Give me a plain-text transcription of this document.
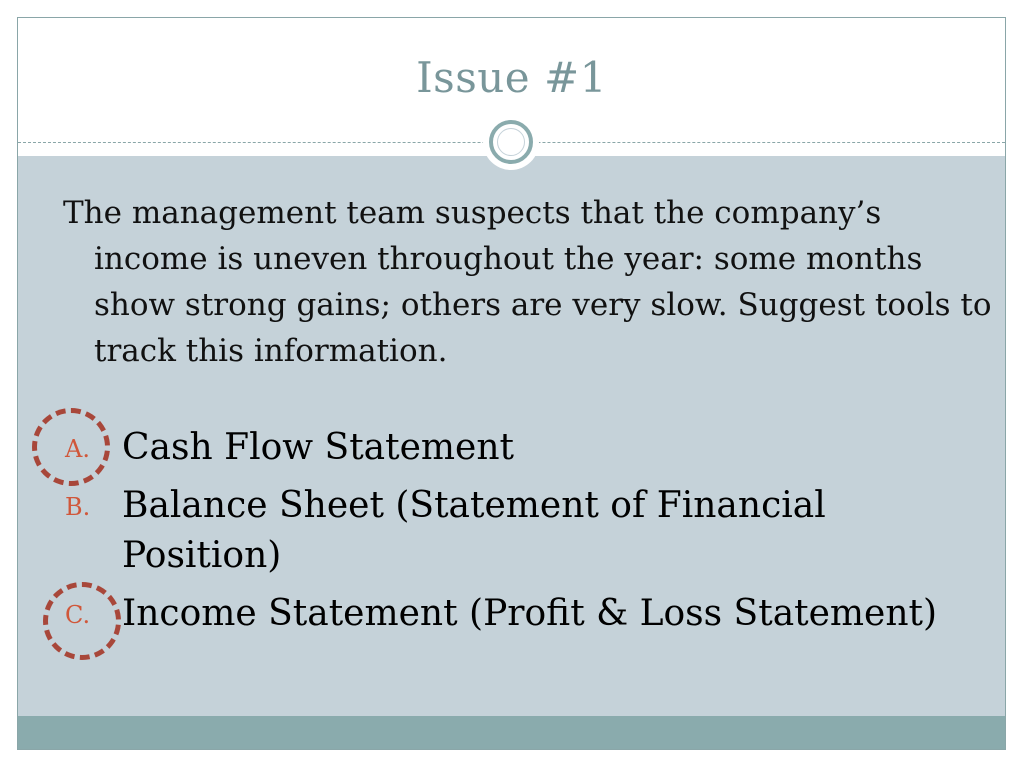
Issue #1

The management team suspects that the company’s income is uneven throughout the year: some months show strong gains; others are very slow. Suggest tools to track this information.

A. Cash Flow Statement
B. Balance Sheet (Statement of Financial Position)
C. Income Statement (Profit & Loss Statement)
